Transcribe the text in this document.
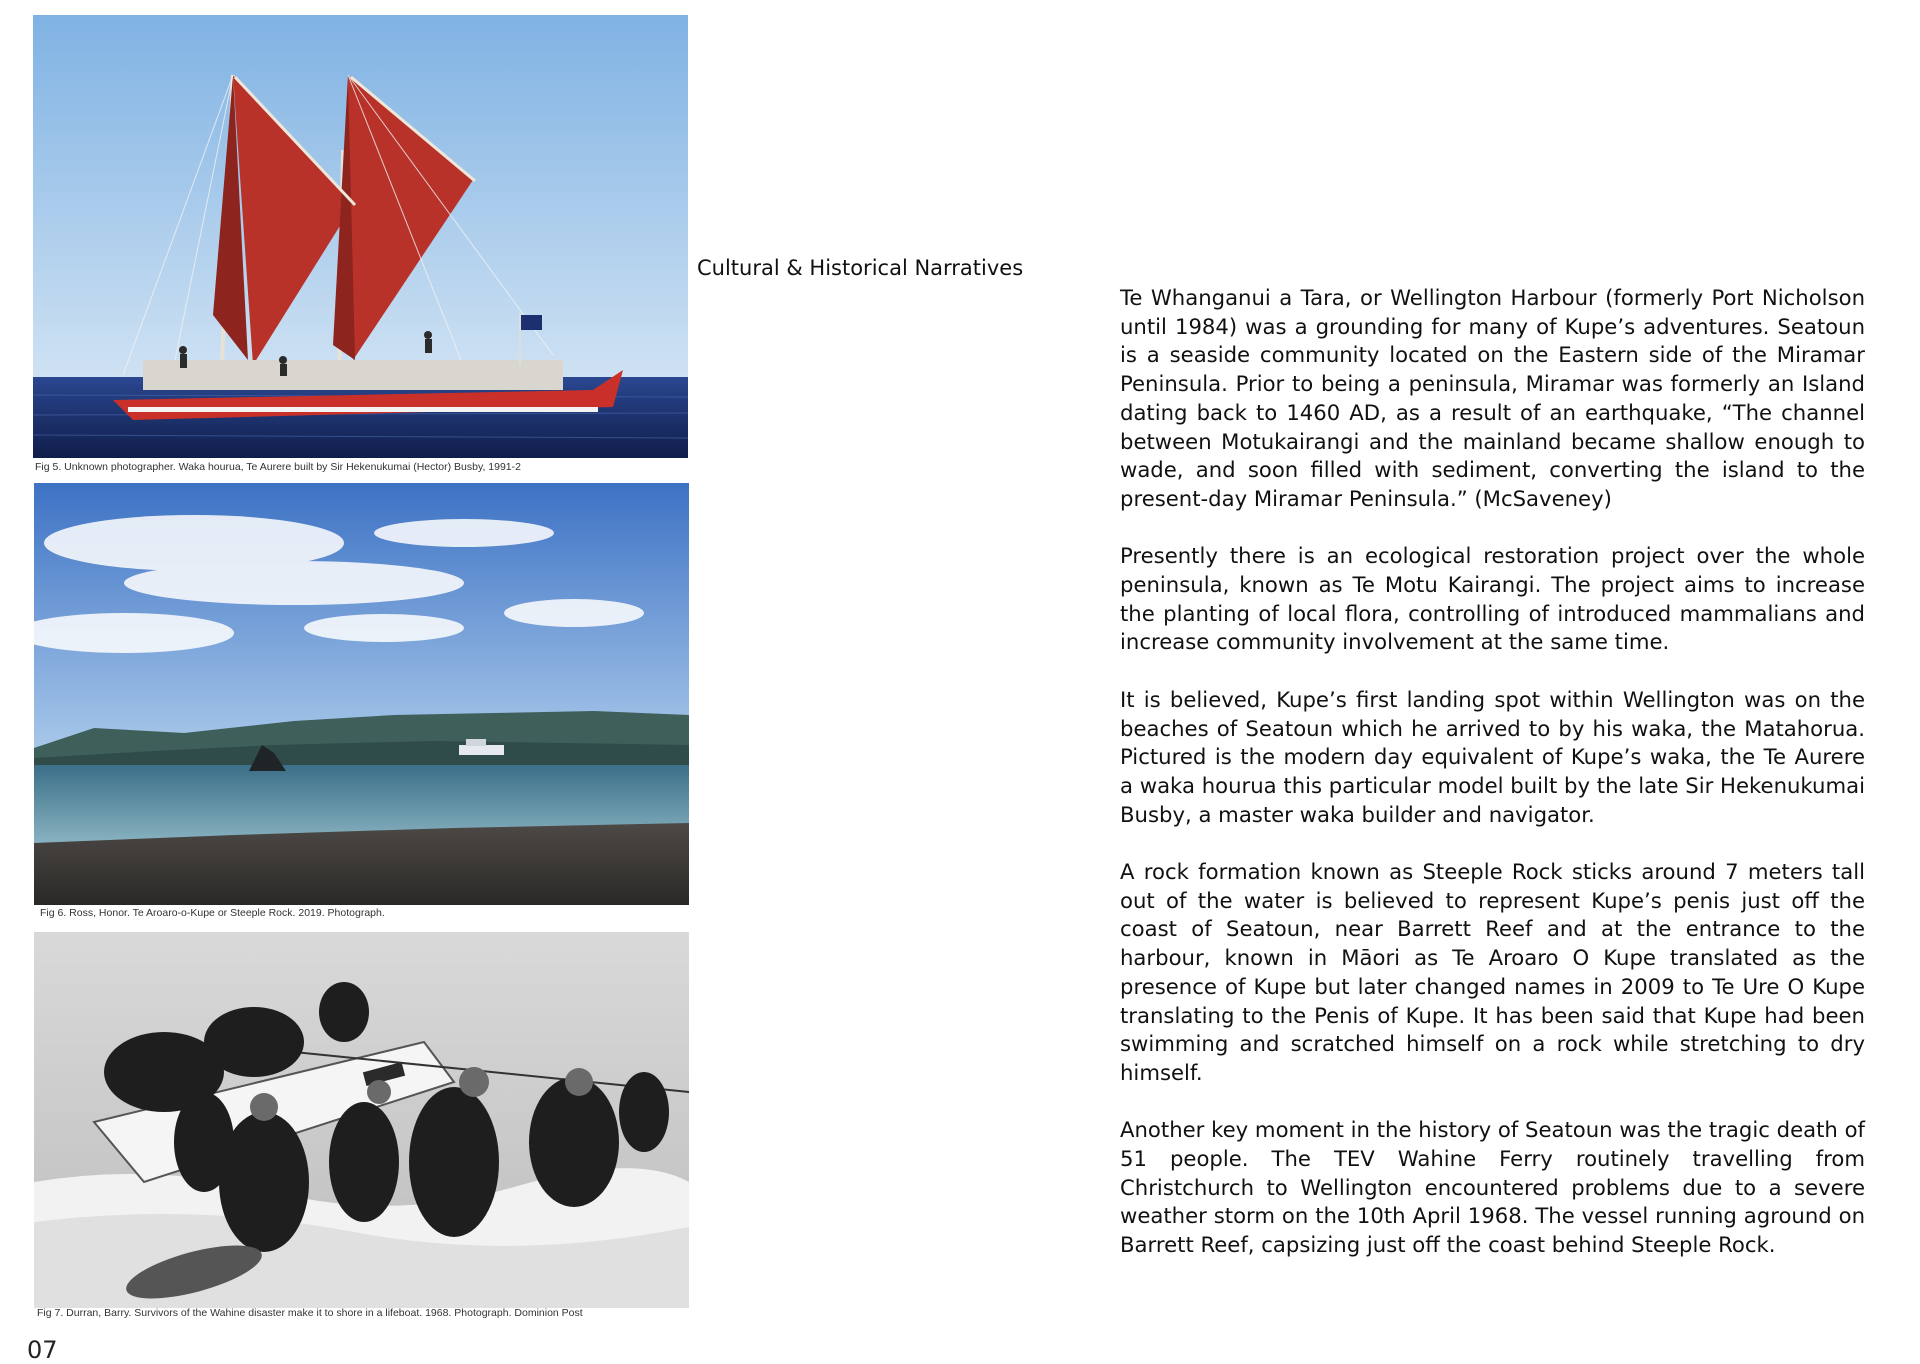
Fig 5. Unknown photographer. Waka hourua, Te Aurere built by Sir Hekenukumai (Hector) Busby, 1991-2
Fig 6. Ross, Honor. Te Aroaro-o-Kupe or Steeple Rock. 2019. Photograph.
Fig 7. Durran, Barry. Survivors of the Wahine disaster make it to shore in a lifeboat. 1968. Photograph. Dominion Post
Cultural & Historical Narratives

Te Whanganui a Tara, or Wellington Harbour (formerly Port Nicholson until 1984) was a grounding for many of Kupe’s adventures. Seatoun is a seaside community located on the Eastern side of the Miramar Peninsula. Prior to being a peninsula, Miramar was formerly an Island dating back to 1460 AD, as a result of an earthquake, “The channel between Motukairangi and the mainland became shallow enough to wade, and soon filled with sediment, converting the island to the present-day Miramar Peninsula.” (McSaveney)

Presently there is an ecological restoration project over the whole peninsula, known as Te Motu Kairangi. The project aims to increase the planting of local flora, controlling of introduced mammalians and increase community involvement at the same time.

It is believed, Kupe’s first landing spot within Wellington was on the beaches of Seatoun which he arrived to by his waka, the Matahorua. Pictured is the modern day equivalent of Kupe’s waka, the Te Aurere a waka hourua this particular model built by the late Sir Hekenukumai Busby, a master waka builder and navigator.

A rock formation known as Steeple Rock sticks around 7 meters tall out of the water is believed to represent Kupe’s penis just off the coast of Seatoun, near Barrett Reef and at the entrance to the harbour, known in Māori as Te Aroaro O Kupe translated as the presence of Kupe but later changed names in 2009 to Te Ure O Kupe translating to the Penis of Kupe. It has been said that Kupe had been swimming and scratched himself on a rock while stretching to dry himself.

Another key moment in the history of Seatoun was the tragic death of 51 people. The TEV Wahine Ferry routinely travelling from Christchurch to Wellington encountered problems due to a severe weather storm on the 10th April 1968. The vessel running aground on Barrett Reef, capsizing just off the coast behind Steeple Rock.

07
